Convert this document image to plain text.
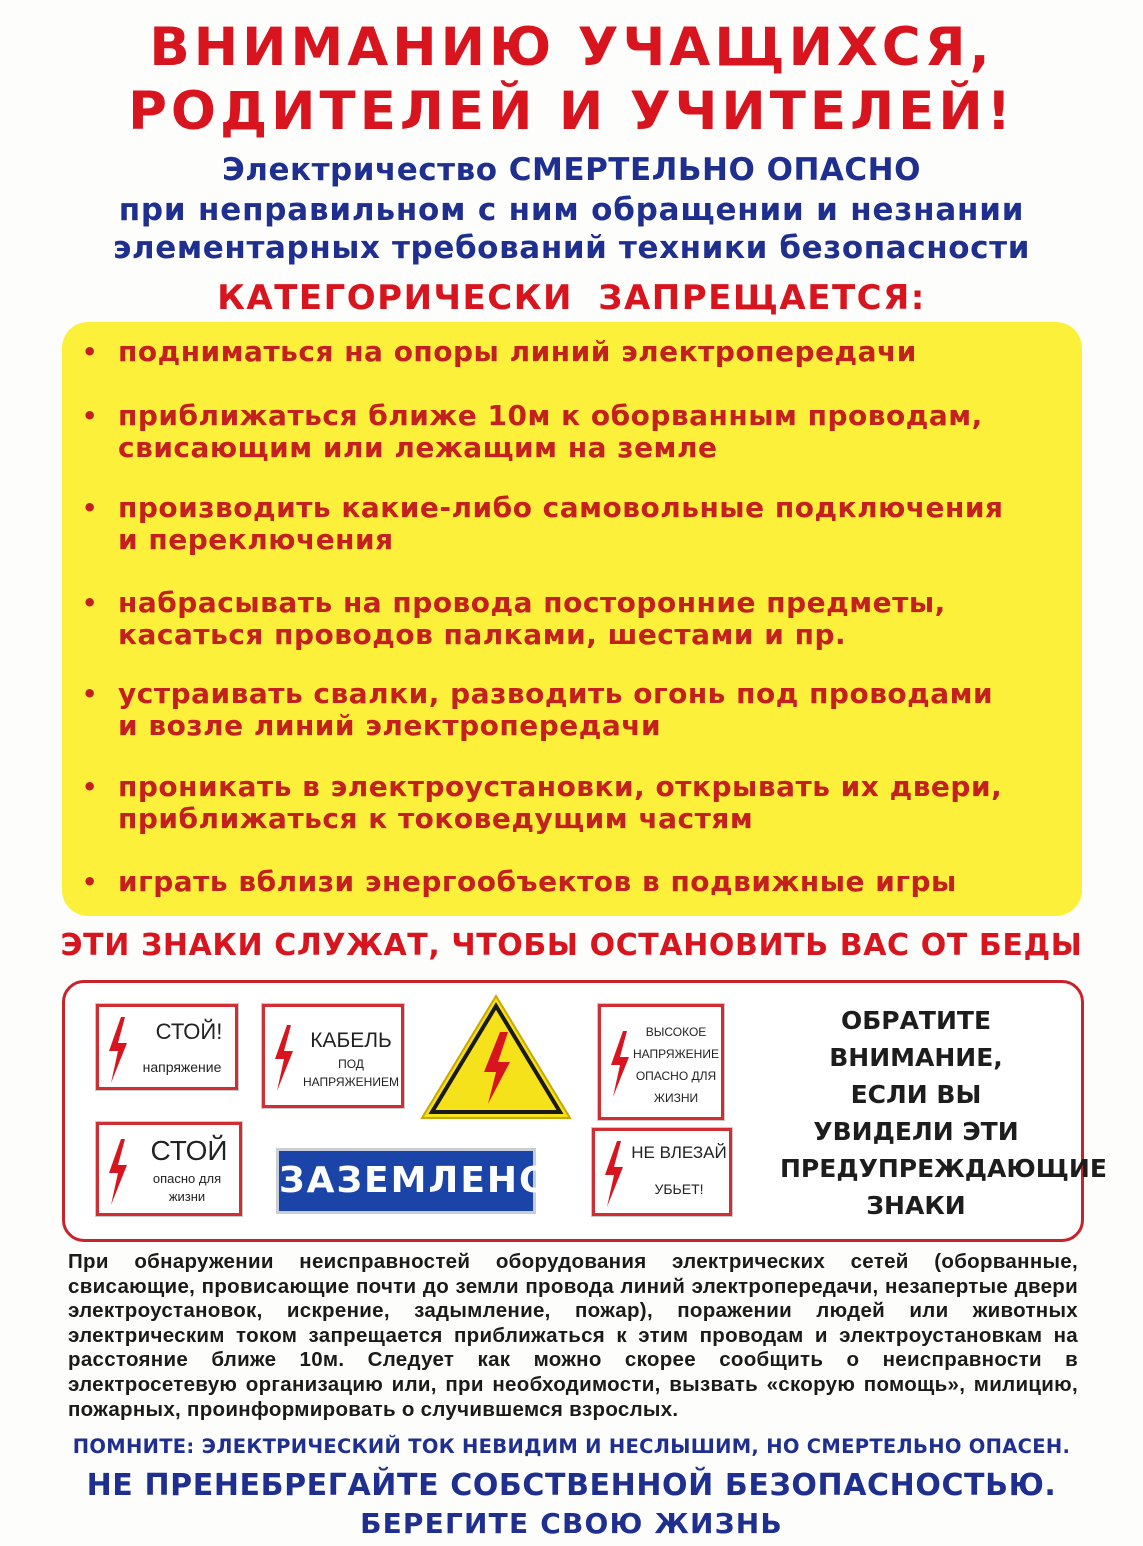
ВНИМАНИЮ УЧАЩИХСЯ,
РОДИТЕЛЕЙ И УЧИТЕЛЕЙ!
Электричество СМЕРТЕЛЬНО ОПАСНО
при неправильном с ним обращении и незнании
элементарных требований техники безопасности
КАТЕГОРИЧЕСКИ ЗАПРЕЩАЕТСЯ:
• подниматься на опоры линий электропередачи
• приближаться ближе 10м к оборванным проводам,
свисающим или лежащим на земле
• производить какие-либо самовольные подключения
и переключения
• набрасывать на провода посторонние предметы,
касаться проводов палками, шестами и пр.
• устраивать свалки, разводить огонь под проводами
и возле линий электропередачи
• проникать в электроустановки, открывать их двери,
приближаться к токоведущим частям
• играть вблизи энергообъектов в подвижные игры
ЭТИ ЗНАКИ СЛУЖАТ, ЧТОБЫ ОСТАНОВИТЬ ВАС ОТ БЕДЫ
СТОЙ!
напряжение
КАБЕЛЬ
ПОД
НАПРЯЖЕНИЕМ
ВЫСОКОЕ
НАПРЯЖЕНИЕ
ОПАСНО ДЛЯ
ЖИЗНИ
СТОЙ
опасно для
жизни	ЗАЗЕМЛЕНО
НЕ ВЛЕЗАЙ
УБЬЕТ!
ОБРАТИТЕ
ВНИМАНИЕ,
ЕСЛИ ВЫ
УВИДЕЛИ ЭТИ
ПРЕДУПРЕЖДАЮЩИЕ
ЗНАКИ
При обнаружении неисправностей оборудования электрических сетей (оборванные, свисающие, провисающие почти до земли провода линий электропередачи, незапертые двери электроустановок, искрение, задымление, пожар), поражении людей или животных электрическим током запрещается приближаться к этим проводам и электроустановкам на расстояние ближе 10м. Следует как можно скорее сообщить о неисправности в электросетевую организацию или, при необходимости, вызвать «скорую помощь», милицию, пожарных, проинформировать о случившемся взрослых.
ПОМНИТЕ: ЭЛЕКТРИЧЕСКИЙ ТОК НЕВИДИМ И НЕСЛЫШИМ, НО СМЕРТЕЛЬНО ОПАСЕН.
НЕ ПРЕНЕБРЕГАЙТЕ СОБСТВЕННОЙ БЕЗОПАСНОСТЬЮ.
БЕРЕГИТЕ СВОЮ ЖИЗНЬ
